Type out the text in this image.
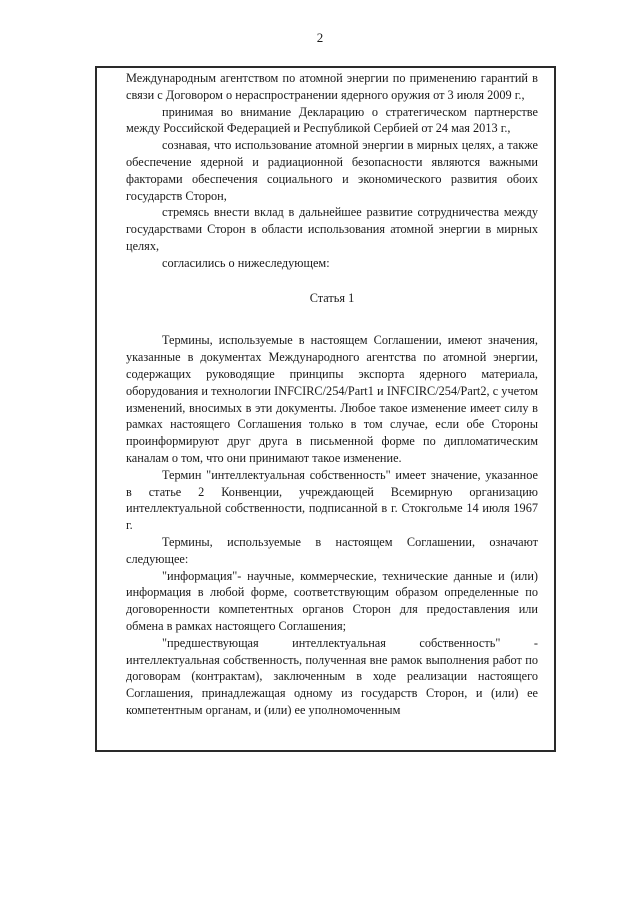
2

Международным агентством по атомной энергии по применению гарантий в связи с Договором о нераспространении ядерного оружия от 3 июля 2009 г.,

принимая во внимание Декларацию о стратегическом партнерстве между Российской Федерацией и Республикой Сербией от 24 мая 2013 г.,

сознавая, что использование атомной энергии в мирных целях, а также обеспечение ядерной и радиационной безопасности являются важными факторами обеспечения социального и экономического развития обоих государств Сторон,

стремясь внести вклад в дальнейшее развитие сотрудничества между государствами Сторон в области использования атомной энергии в мирных целях,

согласились о нижеследующем:

Статья 1

Термины, используемые в настоящем Соглашении, имеют значения, указанные в документах Международного агентства по атомной энергии, содержащих руководящие принципы экспорта ядерного материала, оборудования и технологии INFCIRC/254/Part1 и INFCIRC/254/Part2, с учетом изменений, вносимых в эти документы. Любое такое изменение имеет силу в рамках настоящего Соглашения только в том случае, если обе Стороны проинформируют друг друга в письменной форме по дипломатическим каналам о том, что они принимают такое изменение.

Термин "интеллектуальная собственность" имеет значение, указанное в статье 2 Конвенции, учреждающей Всемирную организацию интеллектуальной собственности, подписанной в г. Стокгольме 14 июля 1967 г.

Термины, используемые в настоящем Соглашении, означают следующее:

"информация"- научные, коммерческие, технические данные и (или) информация в любой форме, соответствующим образом определенные по договоренности компетентных органов Сторон для предоставления или обмена в рамках настоящего Соглашения;

"предшествующая интеллектуальная собственность" - интеллектуальная собственность, полученная вне рамок выполнения работ по договорам (контрактам), заключенным в ходе реализации настоящего Соглашения, принадлежащая одному из государств Сторон, и (или) ее компетентным органам, и (или) ее уполномоченным
